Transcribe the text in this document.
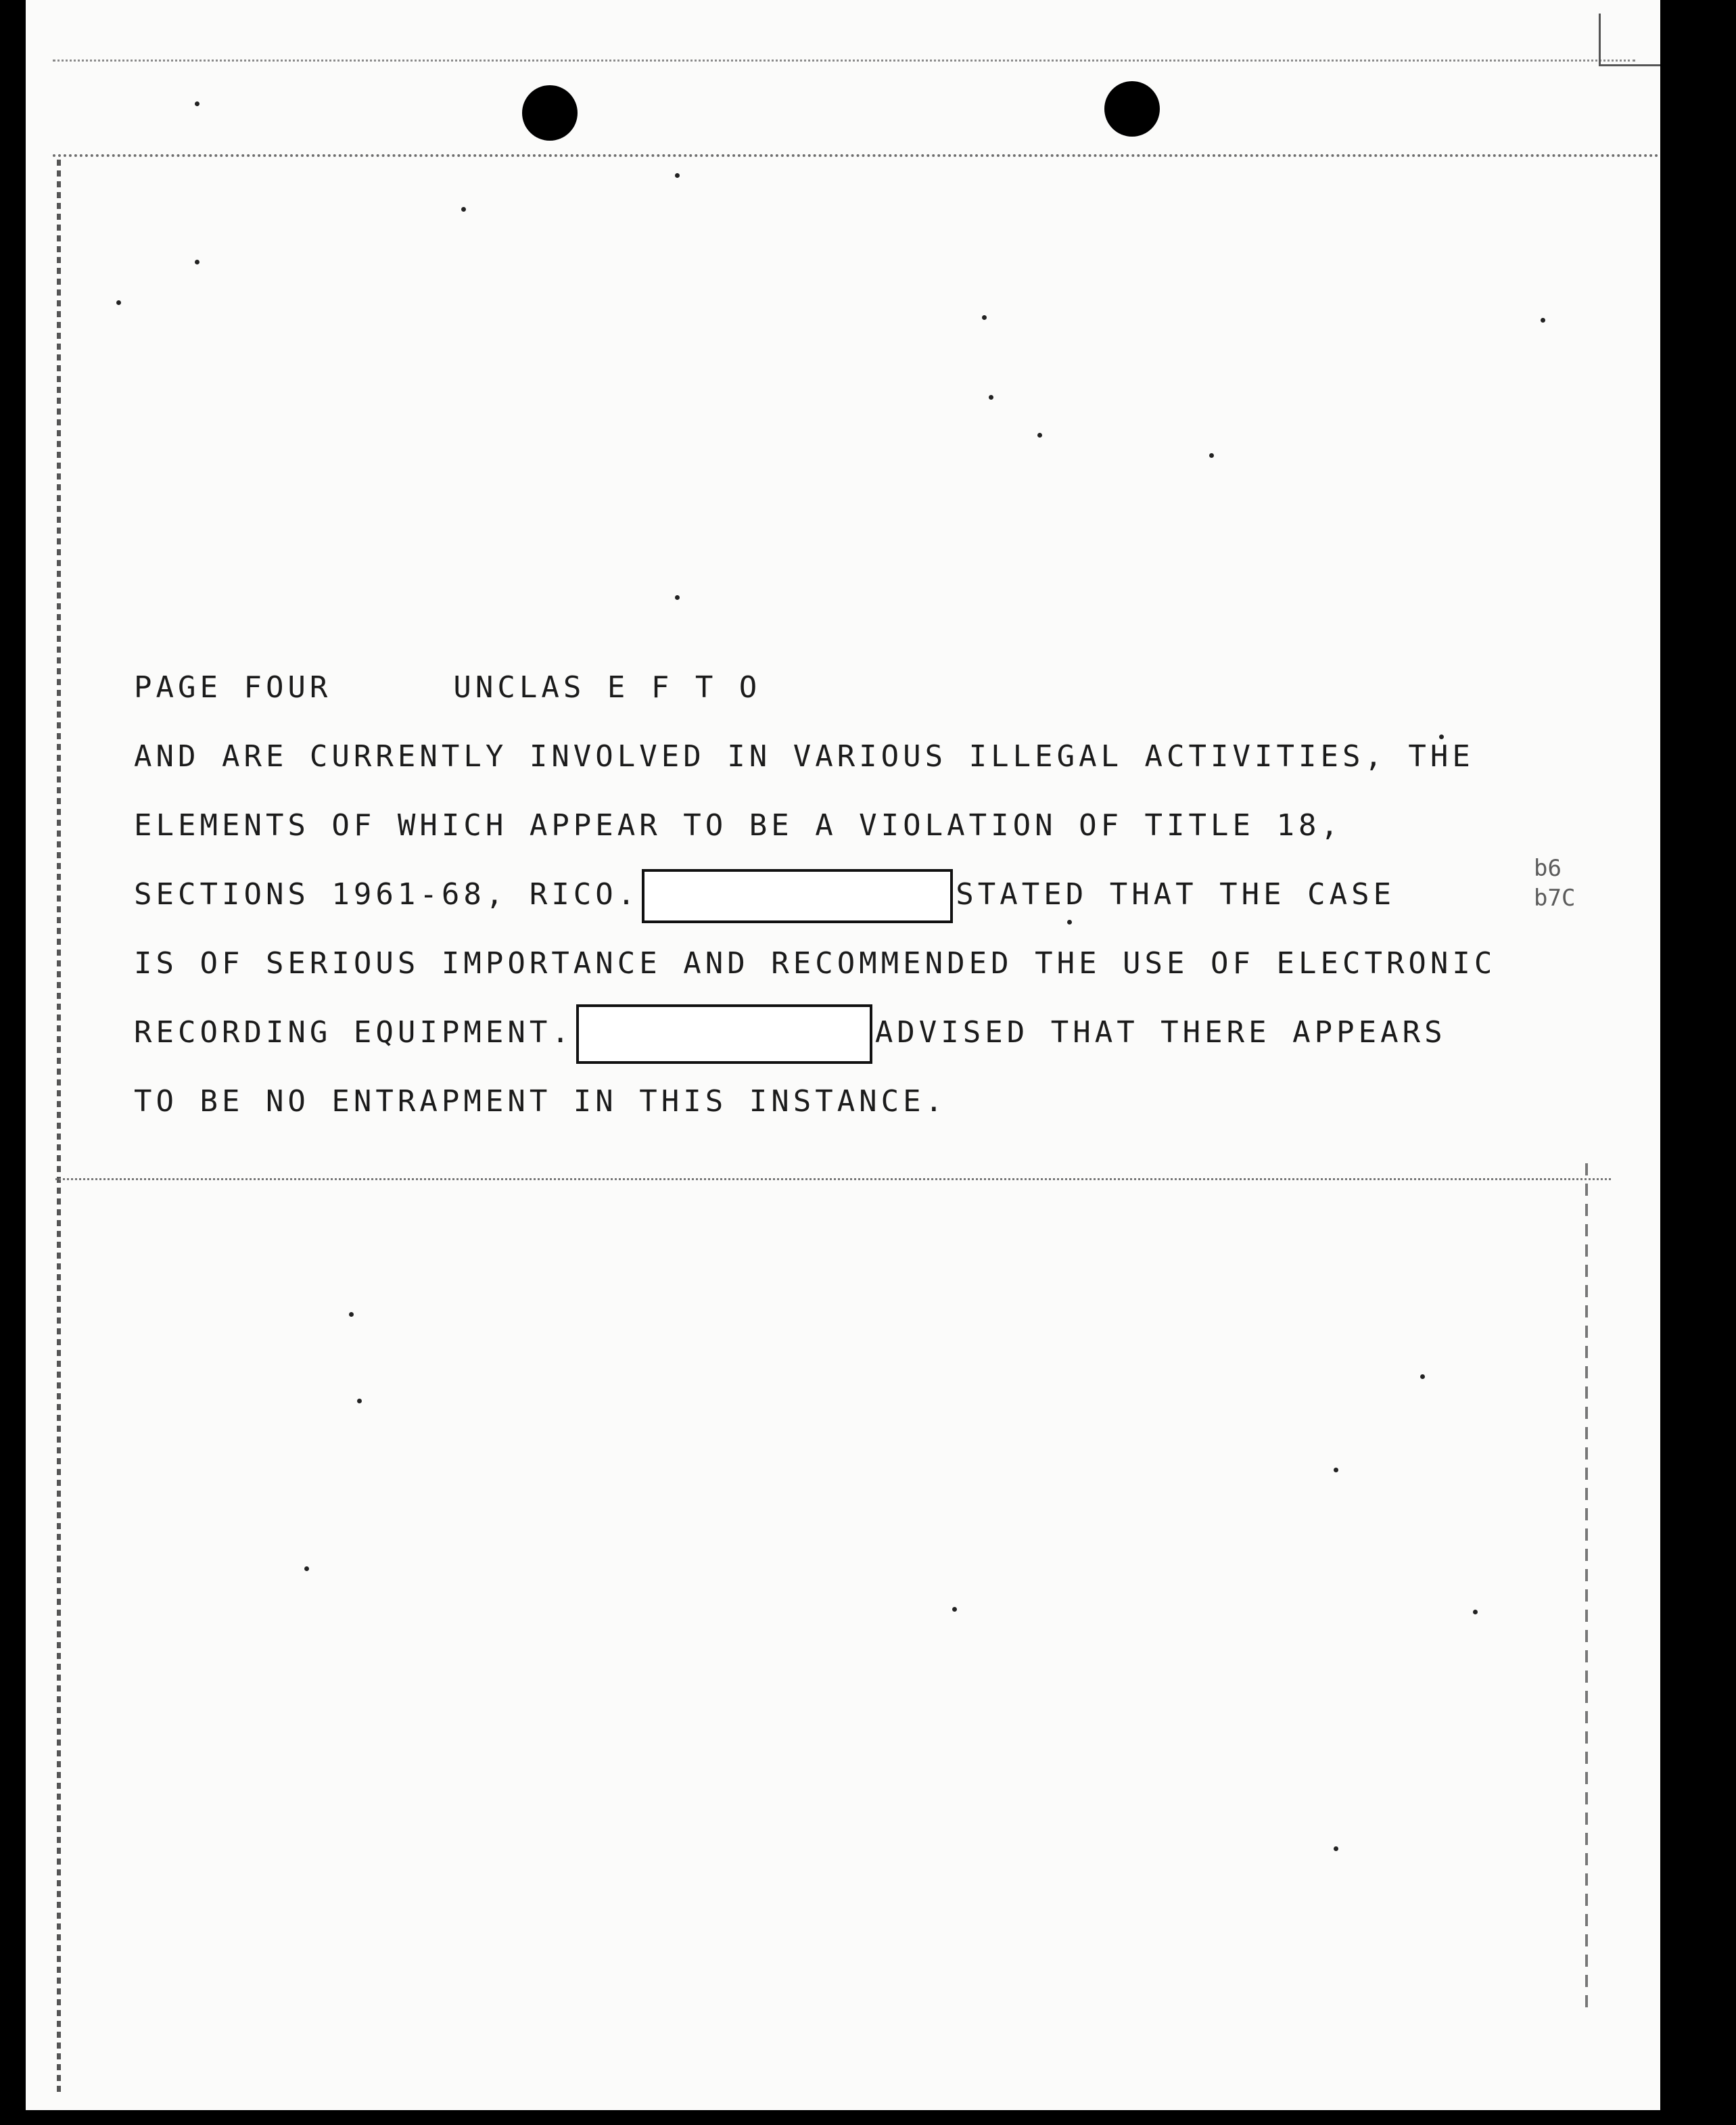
b6
b7C
PAGE FOUR	UNCLAS E F T O
AND ARE CURRENTLY INVOLVED IN VARIOUS ILLEGAL ACTIVITIES, THE
ELEMENTS OF WHICH APPEAR TO BE A VIOLATION OF TITLE 18,
SECTIONS 1961-68, RICO.	STATED THAT THE CASE
IS OF SERIOUS IMPORTANCE AND RECOMMENDED THE USE OF ELECTRONIC
RECORDING EQUIPMENT.	ADVISED THAT THERE APPEARS
TO BE NO ENTRAPMENT IN THIS INSTANCE.
